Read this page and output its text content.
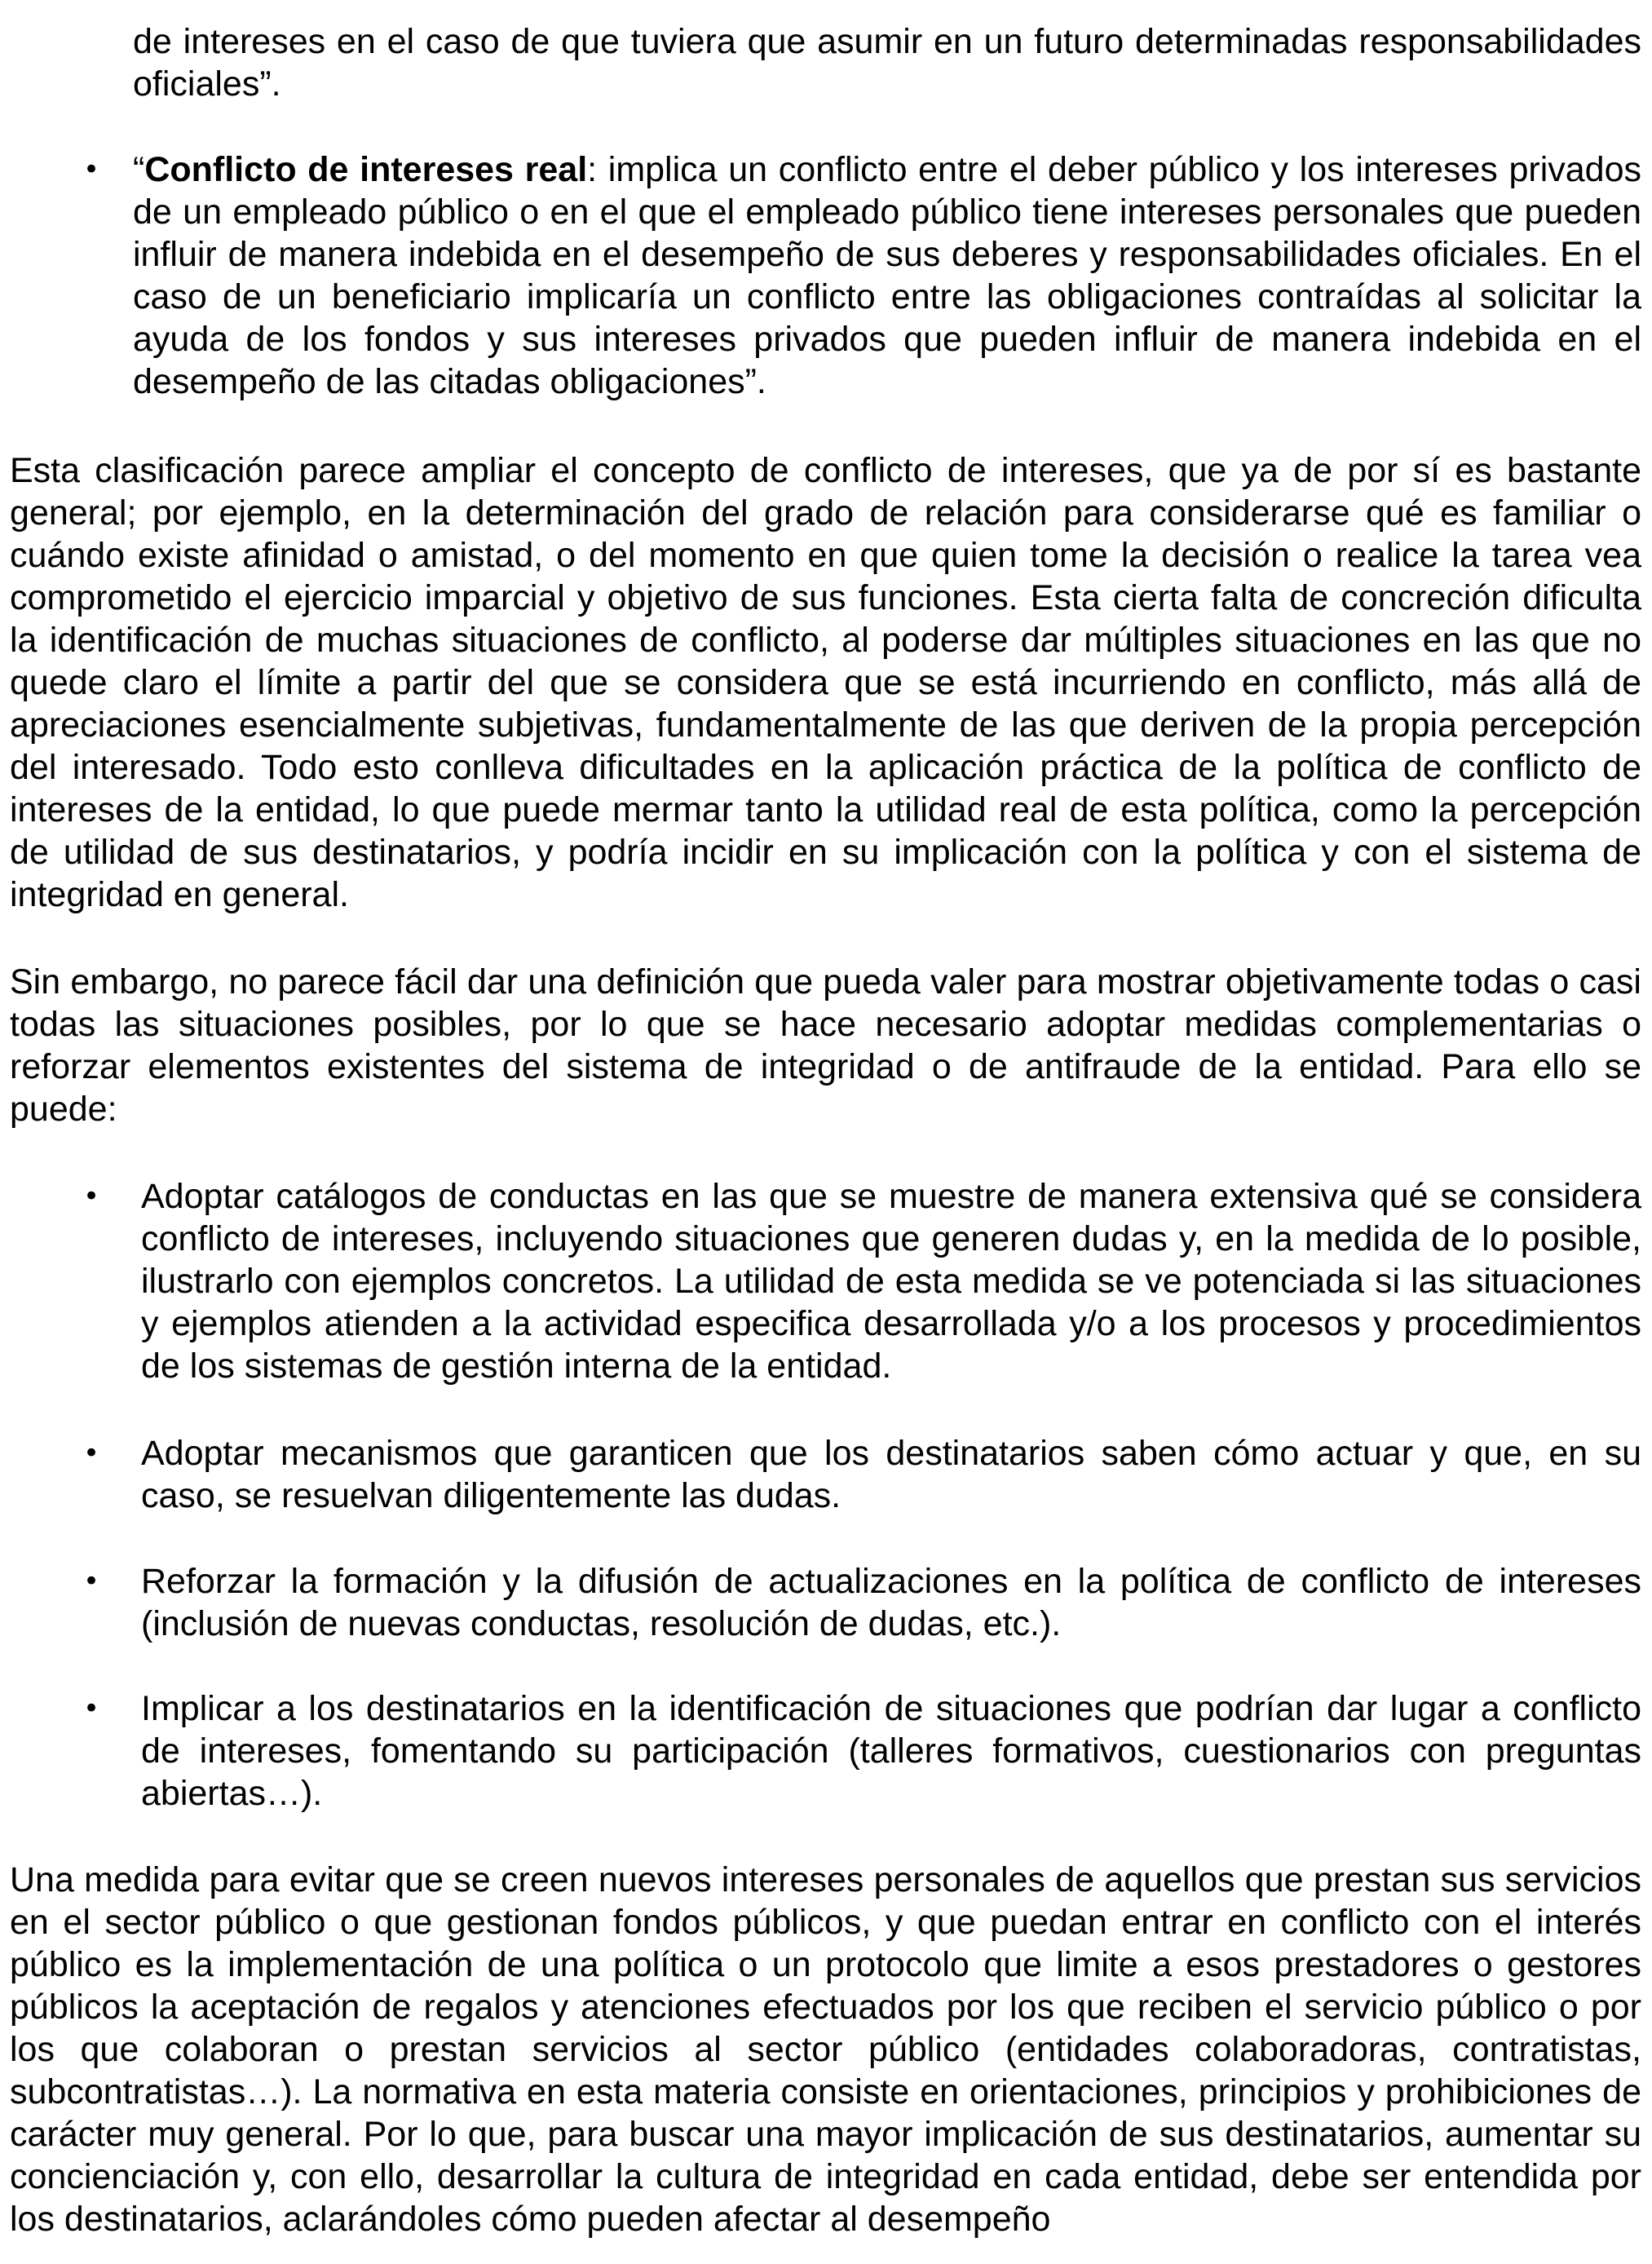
de intereses en el caso de que tuviera que asumir en un futuro determinadas responsabilidades oficiales”.

• “Conflicto de intereses real: implica un conflicto entre el deber público y los intereses privados de un empleado público o en el que el empleado público tiene intereses personales que pueden influir de manera indebida en el desempeño de sus deberes y responsabilidades oficiales. En el caso de un beneficiario implicaría un conflicto entre las obligaciones contraídas al solicitar la ayuda de los fondos y sus intereses privados que pueden influir de manera indebida en el desempeño de las citadas obligaciones”.

Esta clasificación parece ampliar el concepto de conflicto de intereses, que ya de por sí es bastante general; por ejemplo, en la determinación del grado de relación para considerarse qué es familiar o cuándo existe afinidad o amistad, o del momento en que quien tome la decisión o realice la tarea vea comprometido el ejercicio imparcial y objetivo de sus funciones. Esta cierta falta de concreción dificulta la identificación de muchas situaciones de conflicto, al poderse dar múltiples situaciones en las que no quede claro el límite a partir del que se considera que se está incurriendo en conflicto, más allá de apreciaciones esencialmente subjetivas, fundamentalmente de las que deriven de la propia percepción del interesado. Todo esto conlleva dificultades en la aplicación práctica de la política de conflicto de intereses de la entidad, lo que puede mermar tanto la utilidad real de esta política, como la percepción de utilidad de sus destinatarios, y podría incidir en su implicación con la política y con el sistema de integridad en general.

Sin embargo, no parece fácil dar una definición que pueda valer para mostrar objetivamente todas o casi todas las situaciones posibles, por lo que se hace necesario adoptar medidas complementarias o reforzar elementos existentes del sistema de integridad o de antifraude de la entidad. Para ello se puede:

• Adoptar catálogos de conductas en las que se muestre de manera extensiva qué se considera conflicto de intereses, incluyendo situaciones que generen dudas y, en la medida de lo posible, ilustrarlo con ejemplos concretos. La utilidad de esta medida se ve potenciada si las situaciones y ejemplos atienden a la actividad especifica desarrollada y/o a los procesos y procedimientos de los sistemas de gestión interna de la entidad.

• Adoptar mecanismos que garanticen que los destinatarios saben cómo actuar y que, en su caso, se resuelvan diligentemente las dudas.

• Reforzar la formación y la difusión de actualizaciones en la política de conflicto de intereses (inclusión de nuevas conductas, resolución de dudas, etc.).

• Implicar a los destinatarios en la identificación de situaciones que podrían dar lugar a conflicto de intereses, fomentando su participación (talleres formativos, cuestionarios con preguntas abiertas…).

Una medida para evitar que se creen nuevos intereses personales de aquellos que prestan sus servicios en el sector público o que gestionan fondos públicos, y que puedan entrar en conflicto con el interés público es la implementación de una política o un protocolo que limite a esos prestadores o gestores públicos la aceptación de regalos y atenciones efectuados por los que reciben el servicio público o por los que colaboran o prestan servicios al sector público (entidades colaboradoras, contratistas, subcontratistas…). La normativa en esta materia consiste en orientaciones, principios y prohibiciones de carácter muy general. Por lo que, para buscar una mayor implicación de sus destinatarios, aumentar su concienciación y, con ello, desarrollar la cultura de integridad en cada entidad, debe ser entendida por los destinatarios, aclarándoles cómo pueden afectar al desempeño
